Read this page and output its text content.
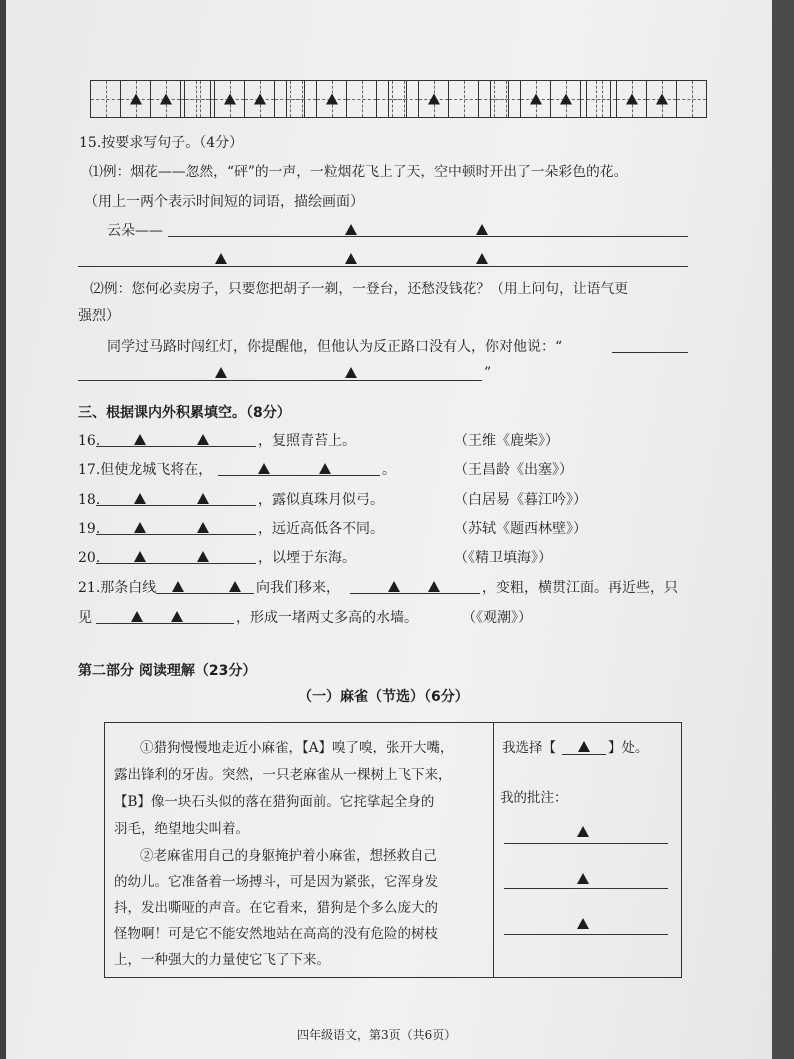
15.按要求写句子。（4分）
⑴例：烟花——忽然，“砰”的一声，一粒烟花飞上了天，空中顿时开出了一朵彩色的花。
（用上一两个表示时间短的词语，描绘画面）
云朵——
⑵例：您何必卖房子，只要您把胡子一剃，一登台，还愁没钱花？（用上问句，让语气更
强烈）
同学过马路时闯红灯，你提醒他，但他认为反正路口没有人，你对他说：“
”
三、根据课内外积累填空。（8分）
16.	，复照青苔上。	（王维《鹿柴》）
17.但使龙城飞将在，	。	（王昌龄《出塞》）
18.	，露似真珠月似弓。	（白居易《暮江吟》）
19.	，远近高低各不同。	（苏轼《题西林壁》）
20.	，以堙于东海。	（《精卫填海》）
21.那条白线	向我们移来，	，变粗，横贯江面。再近些，只
见	，形成一堵两丈多高的水墙。	（《观潮》）
第二部分 阅读理解（23分）
（一）麻雀（节选）（6分）
①猎狗慢慢地走近小麻雀，【A】嗅了嗅，张开大嘴，
露出锋利的牙齿。突然，一只老麻雀从一棵树上飞下来，
【B】像一块石头似的落在猎狗面前。它挓挲起全身的
羽毛，绝望地尖叫着。
②老麻雀用自己的身躯掩护着小麻雀，想拯救自己
的幼儿。它准备着一场搏斗，可是因为紧张，它浑身发
抖，发出嘶哑的声音。在它看来，猎狗是个多么庞大的
怪物啊！可是它不能安然地站在高高的没有危险的树枝
上，一种强大的力量使它飞了下来。
我选择【	】处。
我的批注：
四年级语文，第3页（共6页）
